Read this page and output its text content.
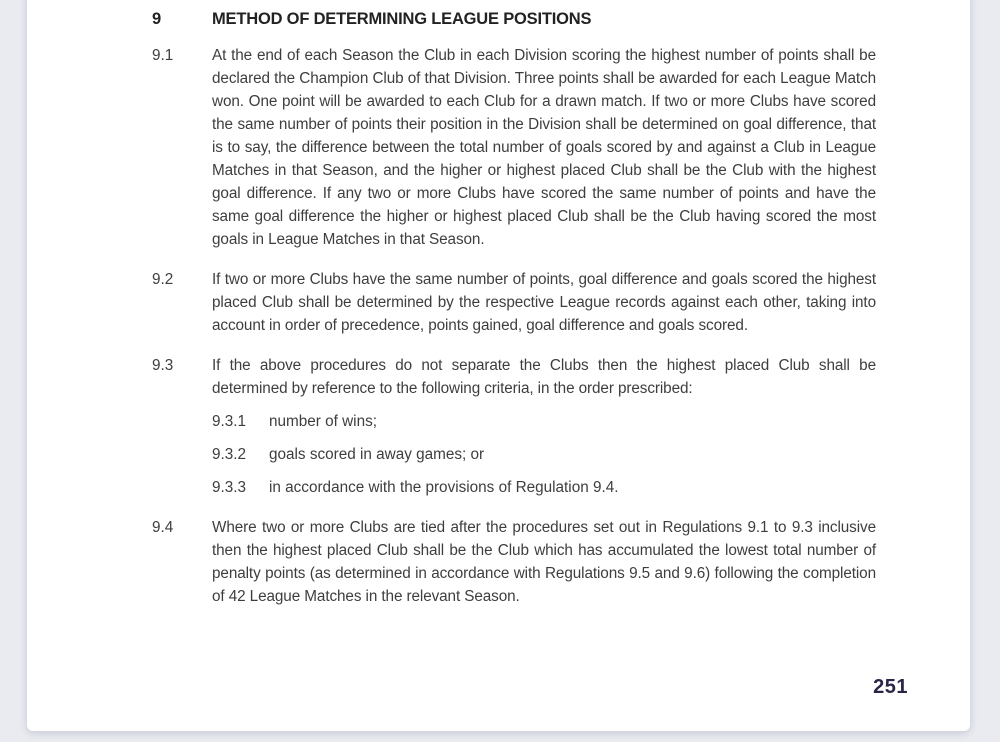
9	METHOD OF DETERMINING LEAGUE POSITIONS
9.1	At the end of each Season the Club in each Division scoring the highest number of points shall be declared the Champion Club of that Division. Three points shall be awarded for each League Match won. One point will be awarded to each Club for a drawn match. If two or more Clubs have scored the same number of points their position in the Division shall be determined on goal difference, that is to say, the difference between the total number of goals scored by and against a Club in League Matches in that Season, and the higher or highest placed Club shall be the Club with the highest goal difference. If any two or more Clubs have scored the same number of points and have the same goal difference the higher or highest placed Club shall be the Club having scored the most goals in League Matches in that Season.
9.2	If two or more Clubs have the same number of points, goal difference and goals scored the highest placed Club shall be determined by the respective League records against each other, taking into account in order of precedence, points gained, goal difference and goals scored.
9.3	If the above procedures do not separate the Clubs then the highest placed Club shall be determined by reference to the following criteria, in the order prescribed:
9.3.1	number of wins;
9.3.2	goals scored in away games; or
9.3.3	in accordance with the provisions of Regulation 9.4.
9.4	Where two or more Clubs are tied after the procedures set out in Regulations 9.1 to 9.3 inclusive then the highest placed Club shall be the Club which has accumulated the lowest total number of penalty points (as determined in accordance with Regulations 9.5 and 9.6) following the completion of 42 League Matches in the relevant Season.
251
